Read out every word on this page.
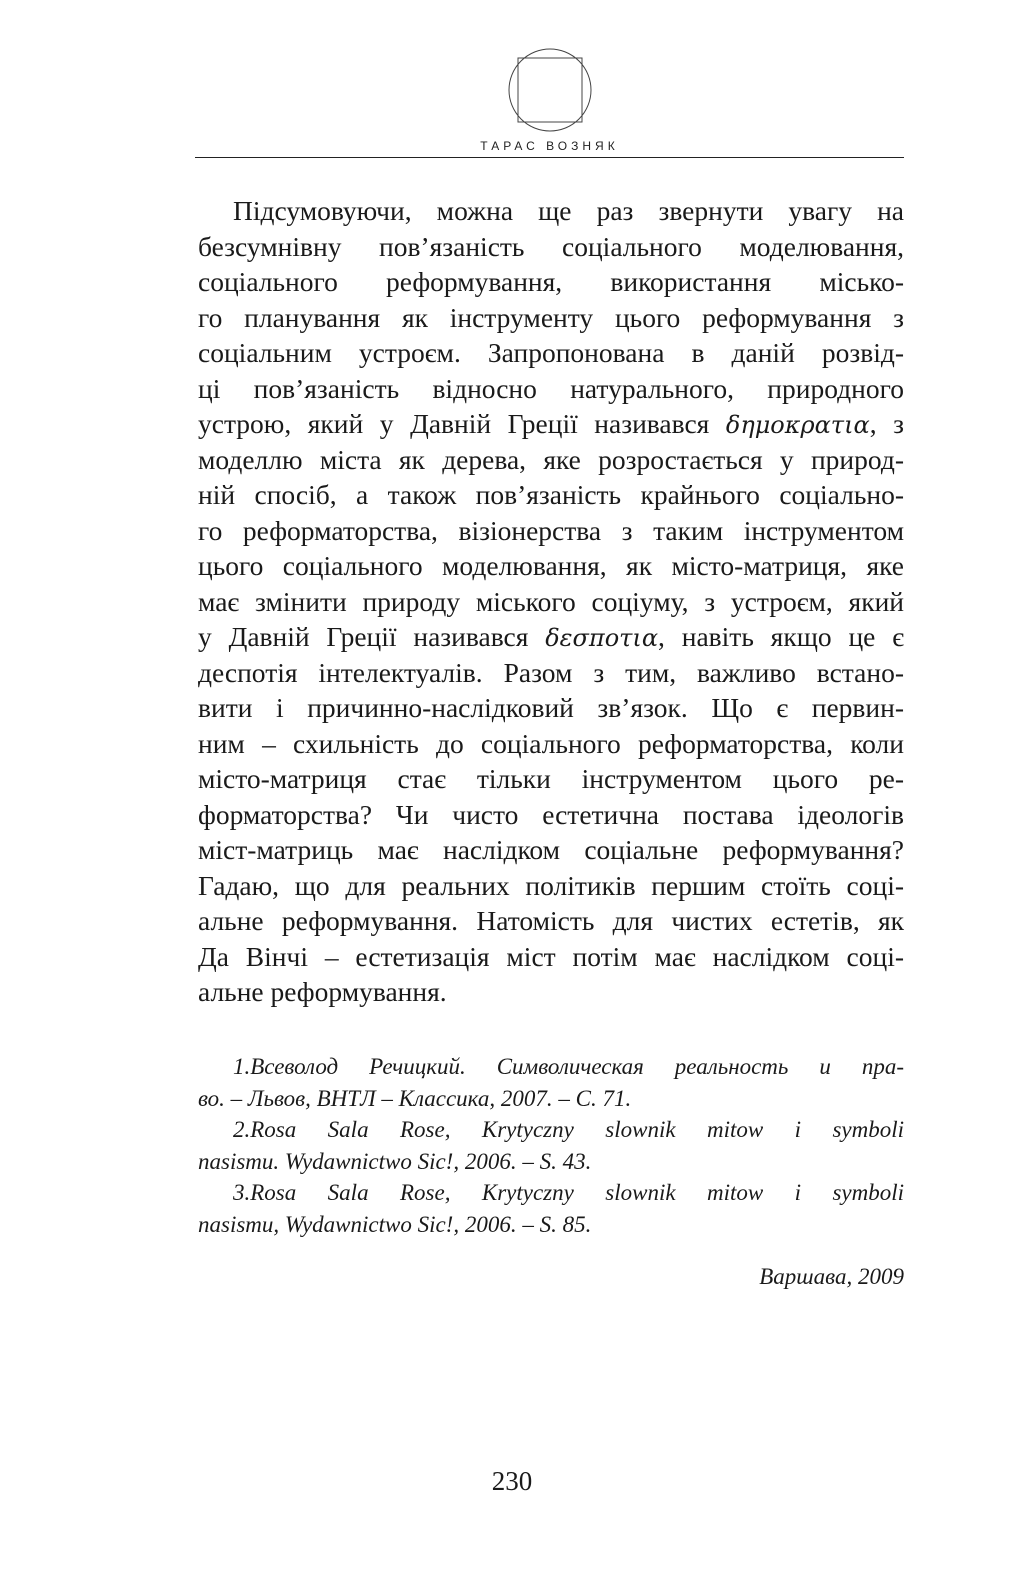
ТАРАС ВОЗНЯК
Підсумовуючи, можна ще раз звернути увагу на
безсумнівну пов’язаність соціального моделювання,
соціального реформування, використання місько-
го планування як інструменту цього реформування з
соціальним устроєм. Запропонована в даній розвід-
ці пов’язаність відносно натурального, природного
устрою, який у Давній Греції називався δημοκρατια, з
моделлю міста як дерева, яке розростається у природ-
ній спосіб, а також пов’язаність крайнього соціально-
го реформаторства, візіонерства з таким інструментом
цього соціального моделювання, як місто-матриця, яке
має змінити природу міського соціуму, з устроєм, який
у Давній Греції називався δεσποτια, навіть якщо це є
деспотія інтелектуалів. Разом з тим, важливо встано-
вити і причинно-наслідковий зв’язок. Що є первин-
ним – схильність до соціального реформаторства, коли
місто-матриця стає тільки інструментом цього ре-
форматорства? Чи чисто естетична постава ідеологів
міст-матриць має наслідком соціальне реформування?
Гадаю, що для реальних політиків першим стоїть соці-
альне реформування. Натомість для чистих естетів, як
Да Вінчі – естетизація міст потім має наслідком соці-
альне реформування.
1.Всеволод Речицкий. Символическая реальность и пра-
во. – Львов, ВНТЛ – Классика, 2007. – С. 71.
2.Rosa Sala Rose, Krytyczny slownik mitow i symboli
nasismu. Wydawnictwo Sic!, 2006. – S. 43.
3.Rosa Sala Rose, Krytyczny slownik mitow i symboli
nasismu, Wydawnictwo Sic!, 2006. – S. 85.
Варшава, 2009
230
